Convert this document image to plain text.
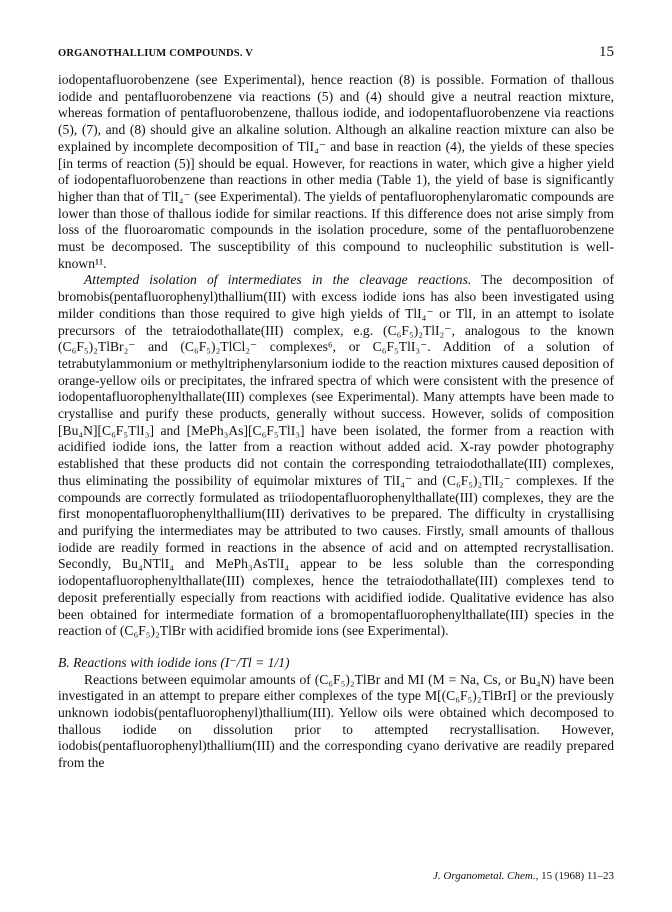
ORGANOTHALLIUM COMPOUNDS. V	15

iodopentafluorobenzene (see Experimental), hence reaction (8) is possible. Formation of thallous iodide and pentafluorobenzene via reactions (5) and (4) should give a neutral reaction mixture, whereas formation of pentafluorobenzene, thallous iodide, and iodopentafluorobenzene via reactions (5), (7), and (8) should give an alkaline solution. Although an alkaline reaction mixture can also be explained by incomplete decomposition of TlI₄⁻ and base in reaction (4), the yields of these species [in terms of reaction (5)] should be equal. However, for reactions in water, which give a higher yield of iodopentafluorobenzene than reactions in other media (Table 1), the yield of base is significantly higher than that of TlI₄⁻ (see Experimental). The yields of pentafluorophenylaromatic compounds are lower than those of thallous iodide for similar reactions. If this difference does not arise simply from loss of the fluoroaromatic compounds in the isolation procedure, some of the pentafluorobenzene must be decomposed. The susceptibility of this compound to nucleophilic substitution is well-known¹¹.

Attempted isolation of intermediates in the cleavage reactions. The decomposition of bromobis(pentafluorophenyl)thallium(III) with excess iodide ions has also been investigated using milder conditions than those required to give high yields of TlI₄⁻ or TlI, in an attempt to isolate precursors of the tetraiodothallate(III) complex, e.g. (C₆F₅)₂TlI₂⁻, analogous to the known (C₆F₅)₂TlBr₂⁻ and (C₆F₅)₂TlCl₂⁻ complexes⁶, or C₆F₅TlI₃⁻. Addition of a solution of tetrabutylammonium or methyltriphenylarsonium iodide to the reaction mixtures caused deposition of orange-yellow oils or precipitates, the infrared spectra of which were consistent with the presence of iodopentafluorophenylthallate(III) complexes (see Experimental). Many attempts have been made to crystallise and purify these products, generally without success. However, solids of composition [Bu₄N][C₆F₅TlI₃] and [MePh₃As][C₆F₅TlI₃] have been isolated, the former from a reaction with acidified iodide ions, the latter from a reaction without added acid. X-ray powder photography established that these products did not contain the corresponding tetraiodothallate(III) complexes, thus eliminating the possibility of equimolar mixtures of TlI₄⁻ and (C₆F₅)₂TlI₂⁻ complexes. If the compounds are correctly formulated as triiodopentafluorophenylthallate(III) complexes, they are the first monopentafluorophenylthallium(III) derivatives to be prepared. The difficulty in crystallising and purifying the intermediates may be attributed to two causes. Firstly, small amounts of thallous iodide are readily formed in reactions in the absence of acid and on attempted recrystallisation. Secondly, Bu₄NTlI₄ and MePh₃AsTlI₄ appear to be less soluble than the corresponding iodopentafluorophenylthallate(III) complexes, hence the tetraiodothallate(III) complexes tend to deposit preferentially especially from reactions with acidified iodide. Qualitative evidence has also been obtained for intermediate formation of a bromopentafluorophenylthallate(III) species in the reaction of (C₆F₅)₂TlBr with acidified bromide ions (see Experimental).

B. Reactions with iodide ions (I⁻/Tl = 1/1)

Reactions between equimolar amounts of (C₆F₅)₂TlBr and MI (M = Na, Cs, or Bu₄N) have been investigated in an attempt to prepare either complexes of the type M[(C₆F₅)₂TlBrI] or the previously unknown iodobis(pentafluorophenyl)thallium(III). Yellow oils were obtained which decomposed to thallous iodide on dissolution prior to attempted recrystallisation. However, iodobis(pentafluorophenyl)thallium(III) and the corresponding cyano derivative are readily prepared from the

J. Organometal. Chem., 15 (1968) 11–23
